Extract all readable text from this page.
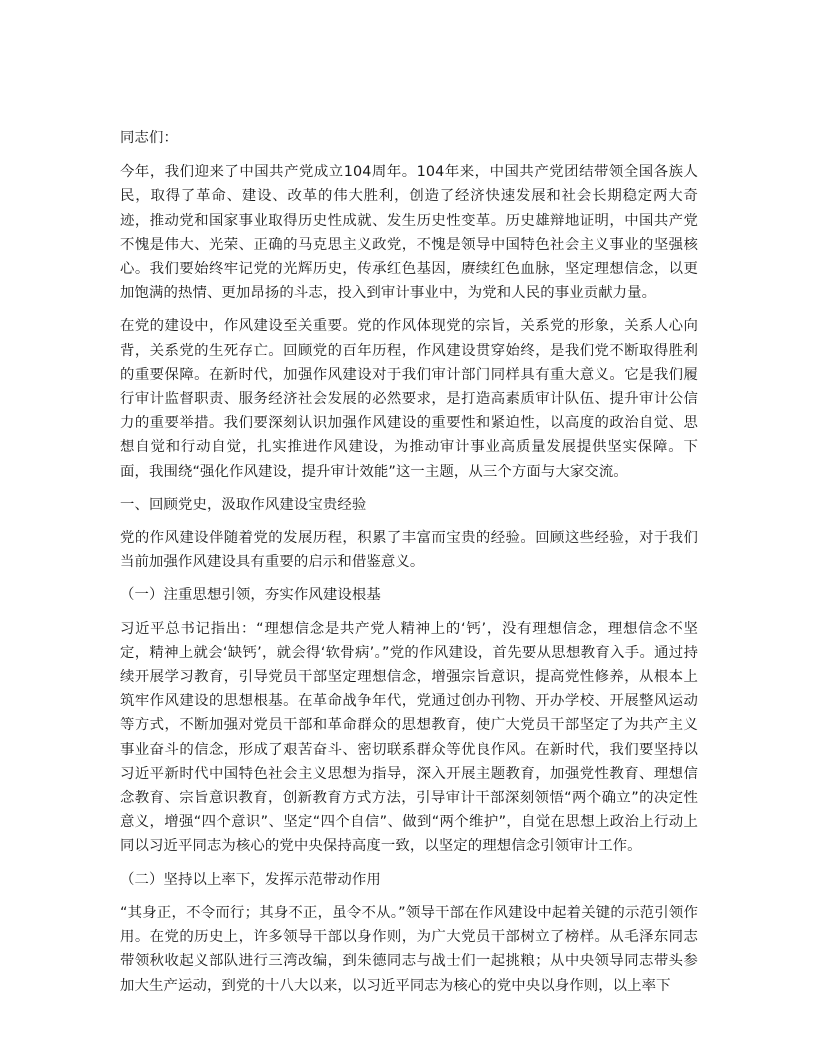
同志们：

今年，我们迎来了中国共产党成立104周年。104年来，中国共产党团结带领全国各族人民，取得了革命、建设、改革的伟大胜利，创造了经济快速发展和社会长期稳定两大奇迹，推动党和国家事业取得历史性成就、发生历史性变革。历史雄辩地证明，中国共产党不愧是伟大、光荣、正确的马克思主义政党，不愧是领导中国特色社会主义事业的坚强核心。我们要始终牢记党的光辉历史，传承红色基因，赓续红色血脉，坚定理想信念，以更加饱满的热情、更加昂扬的斗志，投入到审计事业中，为党和人民的事业贡献力量。

在党的建设中，作风建设至关重要。党的作风体现党的宗旨，关系党的形象，关系人心向背，关系党的生死存亡。回顾党的百年历程，作风建设贯穿始终，是我们党不断取得胜利的重要保障。在新时代，加强作风建设对于我们审计部门同样具有重大意义。它是我们履行审计监督职责、服务经济社会发展的必然要求，是打造高素质审计队伍、提升审计公信力的重要举措。我们要深刻认识加强作风建设的重要性和紧迫性，以高度的政治自觉、思想自觉和行动自觉，扎实推进作风建设，为推动审计事业高质量发展提供坚实保障。下面，我围绕“强化作风建设，提升审计效能”这一主题，从三个方面与大家交流。

一、回顾党史，汲取作风建设宝贵经验

党的作风建设伴随着党的发展历程，积累了丰富而宝贵的经验。回顾这些经验，对于我们当前加强作风建设具有重要的启示和借鉴意义。

（一）注重思想引领，夯实作风建设根基

习近平总书记指出：“理想信念是共产党人精神上的‘钙’，没有理想信念，理想信念不坚定，精神上就会‘缺钙’，就会得‘软骨病’。”党的作风建设，首先要从思想教育入手。通过持续开展学习教育，引导党员干部坚定理想信念，增强宗旨意识，提高党性修养，从根本上筑牢作风建设的思想根基。在革命战争年代，党通过创办刊物、开办学校、开展整风运动等方式，不断加强对党员干部和革命群众的思想教育，使广大党员干部坚定了为共产主义事业奋斗的信念，形成了艰苦奋斗、密切联系群众等优良作风。在新时代，我们要坚持以习近平新时代中国特色社会主义思想为指导，深入开展主题教育，加强党性教育、理想信念教育、宗旨意识教育，创新教育方式方法，引导审计干部深刻领悟“两个确立”的决定性意义，增强“四个意识”、坚定“四个自信”、做到“两个维护”，自觉在思想上政治上行动上同以习近平同志为核心的党中央保持高度一致，以坚定的理想信念引领审计工作。

（二）坚持以上率下，发挥示范带动作用

“其身正，不令而行；其身不正，虽令不从。”领导干部在作风建设中起着关键的示范引领作用。在党的历史上，许多领导干部以身作则，为广大党员干部树立了榜样。从毛泽东同志带领秋收起义部队进行三湾改编，到朱德同志与战士们一起挑粮；从中央领导同志带头参加大生产运动，到党的十八大以来，以习近平同志为核心的党中央以身作则，以上率下
